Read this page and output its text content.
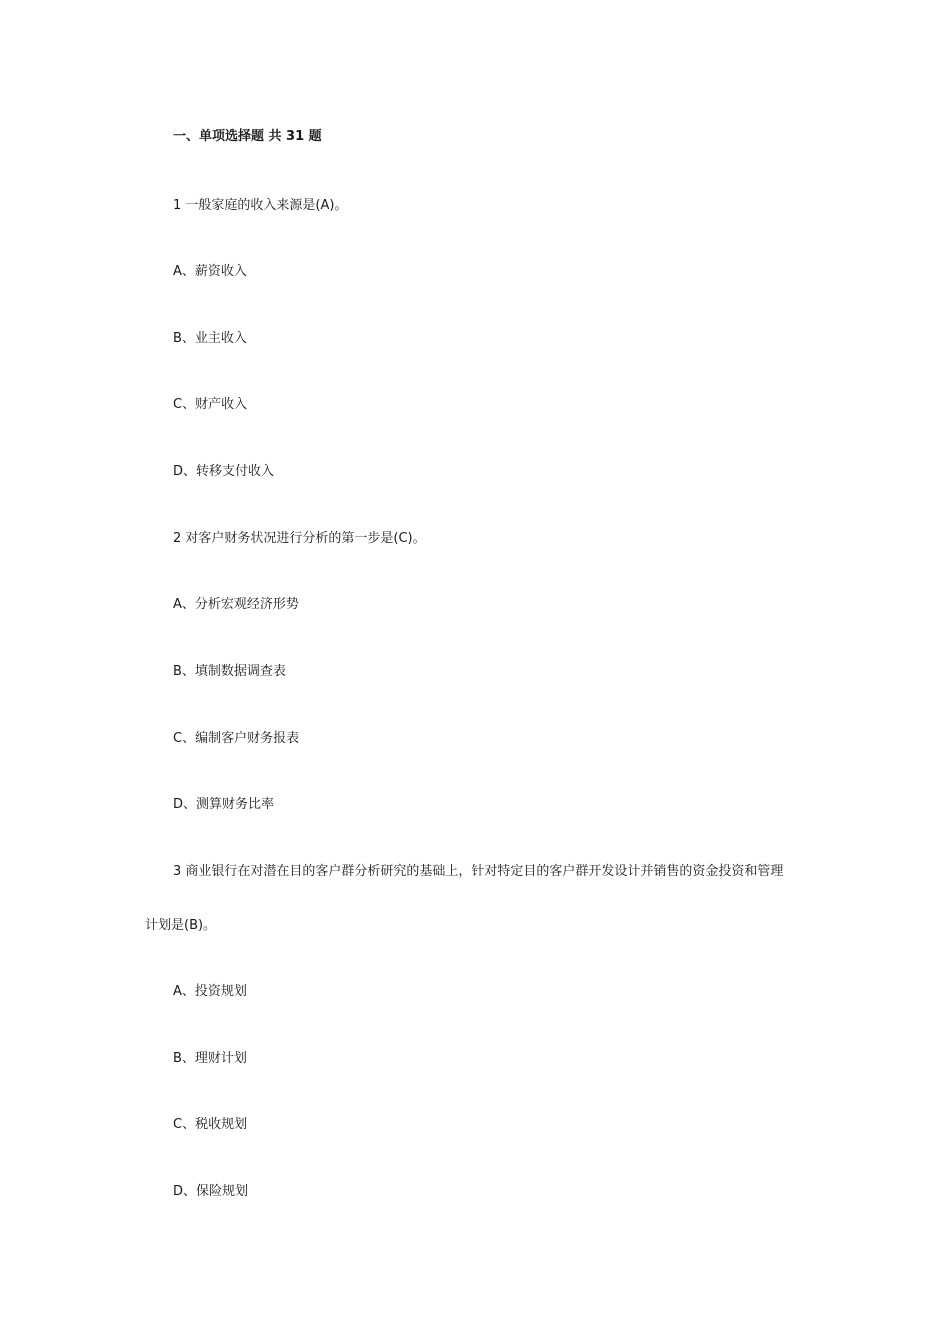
一、单项选择题 共 31 题
1 一般家庭的收入来源是(A)。
A、薪资收入
B、业主收入
C、财产收入
D、转移支付收入
2 对客户财务状况进行分析的第一步是(C)。
A、分析宏观经济形势
B、填制数据调查表
C、编制客户财务报表
D、测算财务比率
3 商业银行在对潜在目的客户群分析研究的基础上，针对特定目的客户群开发设计并销售的资金投资和管理
计划是(B)。
A、投资规划
B、理财计划
C、税收规划
D、保险规划
